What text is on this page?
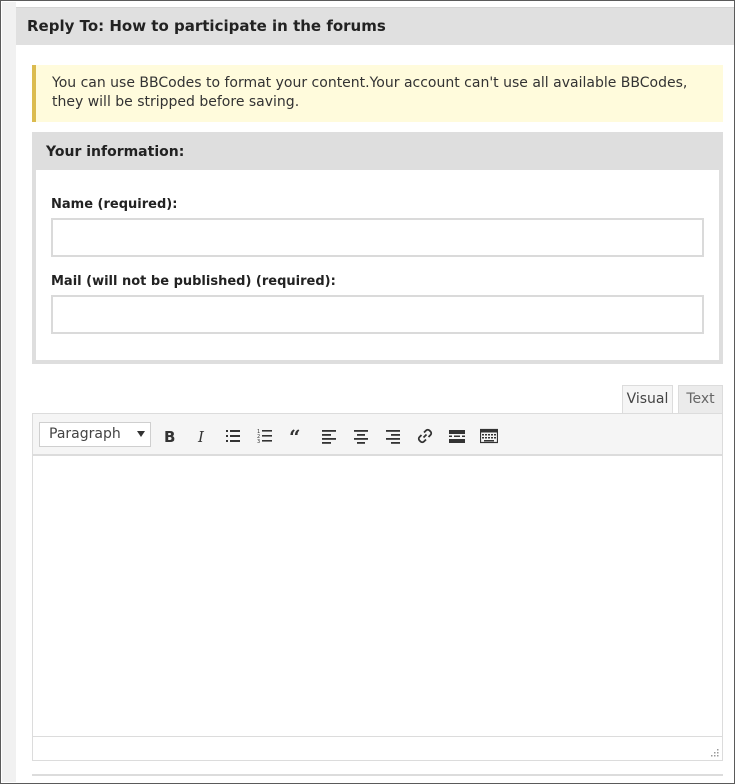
Reply To: How to participate in the forums
You can use BBCodes to format your content.Your account can't use all available BBCodes, they will be stripped before saving.
Your information:
Name (required):
Mail (will not be published) (required):
Visual	Text
Paragraph	B I	1
2
3 “
